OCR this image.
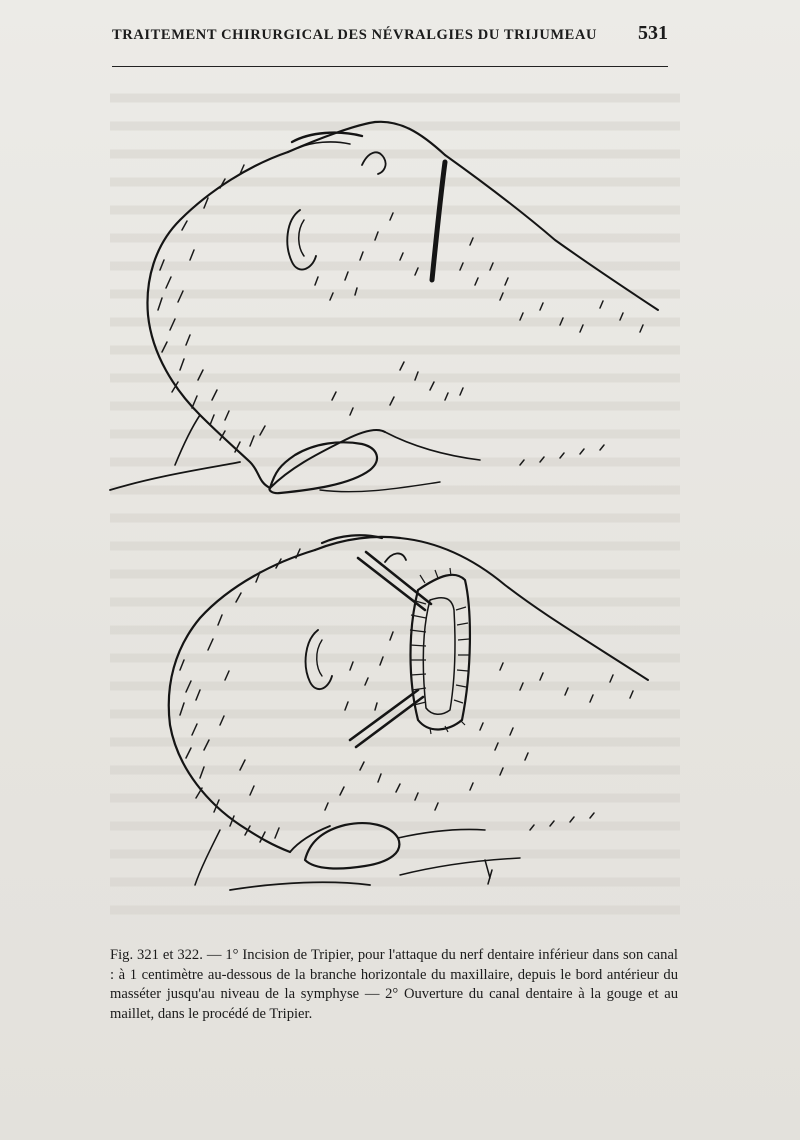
TRAITEMENT CHIRURGICAL DES NÉVRALGIES DU TRIJUMEAU 531

Fig. 321 et 322. — 1° Incision de Tripier, pour l'attaque du nerf dentaire inférieur dans son canal : à 1 centimètre au-dessous de la branche horizontale du maxillaire, depuis le bord antérieur du masséter jusqu'au niveau de la symphyse — 2° Ouverture du canal dentaire à la gouge et au maillet, dans le procédé de Tripier.
